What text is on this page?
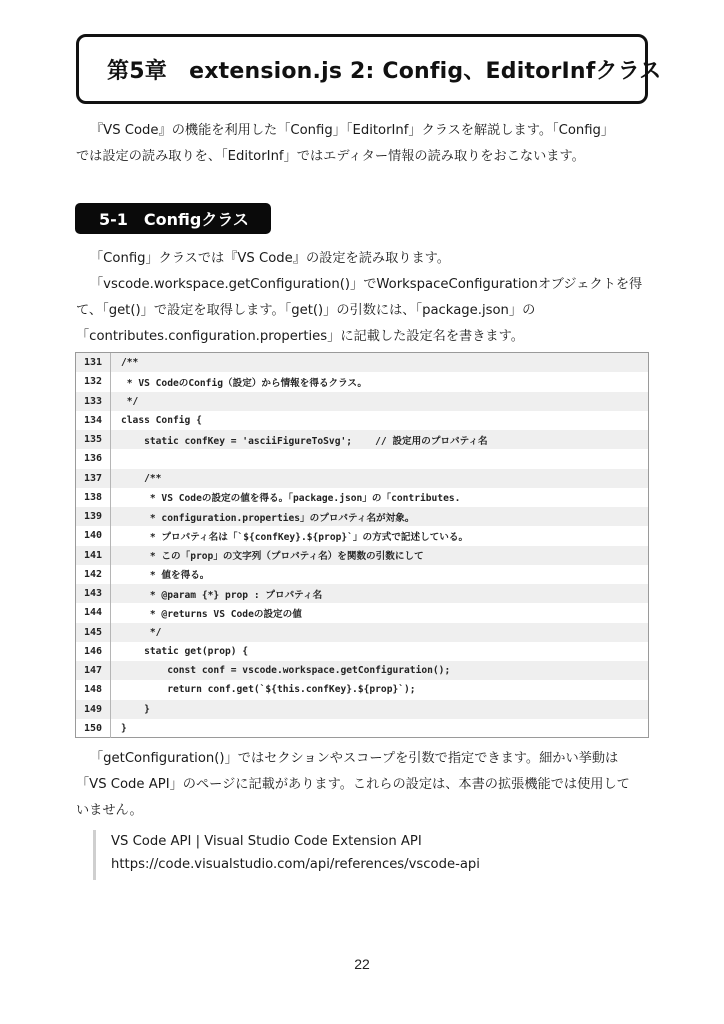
第5章　extension.js 2: Config、EditorInfクラス
『VS Code』の機能を利用した「Config」「EditorInf」クラスを解説します。「Config」
では設定の読み取りを、「EditorInf」ではエディター情報の読み取りをおこないます。
5-1　Configクラス
「Config」クラスでは『VS Code』の設定を読み取ります。
「vscode.workspace.getConfiguration()」でWorkspaceConfigurationオブジェクトを得
て、「get()」で設定を取得します。「get()」の引数には、「package.json」の
「contributes.configuration.properties」に記載した設定名を書きます。
131	/**
132	* VS CodeのConfig（設定）から情報を得るクラス。
133	*/
134	class Config {
135	static confKey = 'asciiFigureToSvg';    // 設定用のプロパティ名
136
137	/**
138	* VS Codeの設定の値を得る。「package.json」の「contributes.
139	* configuration.properties」のプロパティ名が対象。
140	* プロパティ名は「`${confKey}.${prop}`」の方式で記述している。
141	* この「prop」の文字列（プロパティ名）を関数の引数にして
142	* 値を得る。
143	* @param {*} prop : プロパティ名
144	* @returns VS Codeの設定の値
145	*/
146	static get(prop) {
147	const conf = vscode.workspace.getConfiguration();
148	return conf.get(`${this.confKey}.${prop}`);
149	}
150	}
「getConfiguration()」ではセクションやスコープを引数で指定できます。細かい挙動は
「VS Code API」のページに記載があります。これらの設定は、本書の拡張機能では使用して
いません。
VS Code API | Visual Studio Code Extension API
https://code.visualstudio.com/api/references/vscode-api
22
